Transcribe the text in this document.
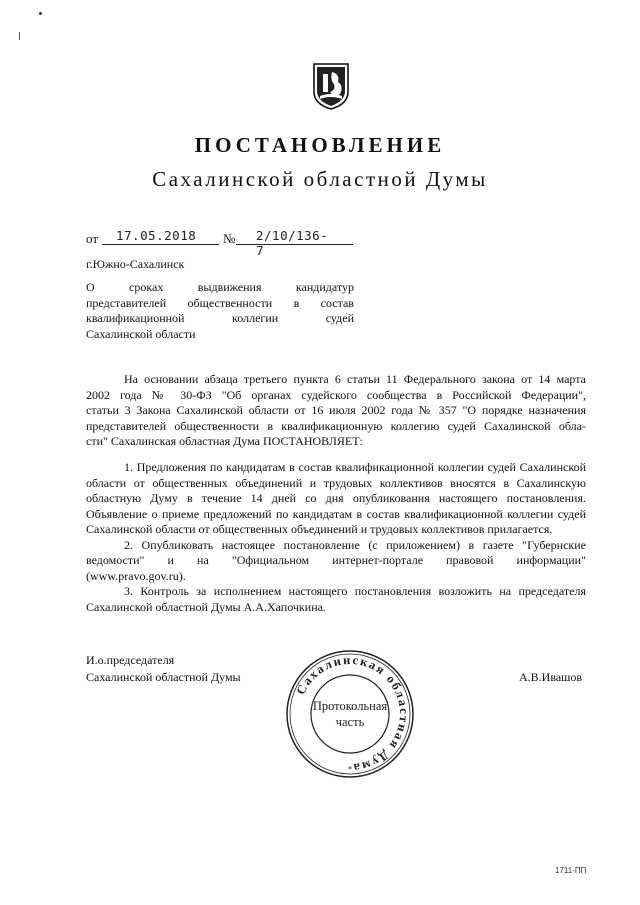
ПОСТАНОВЛЕНИЕ
Сахалинской областной Думы
от 17.05.2018 № 2/10/136-7
г.Южно-Сахалинск
О	сроках	выдвижения	кандидатур
представителей общественности в состав
квалификационной	коллегии	судей
Сахалинской области
На основании абзаца третьего пункта 6 статьи 11 Федерального закона от 14 марта
2002 года № 30-ФЗ "Об органах судейского сообщества в Российской Федерации",
статьи 3 Закона Сахалинской области от 16 июля 2002 года № 357 "О порядке назначения
представителей общественности в квалификационную коллегию судей Сахалинской обла-
сти" Сахалинская областная Дума ПОСТАНОВЛЯЕТ:

1. Предложения по кандидатам в состав квалификационной коллегии судей Сахалинской области от общественных объединений и трудовых коллективов вносятся в Сахалинскую областную Думу в течение 14 дней со дня опубликования настоящего постановления. Объявление о приеме предложений по кандидатам в состав квалификационной коллегии судей Сахалинской области от общественных объединений и трудовых коллективов прилагается.

2. Опубликовать настоящее постановление (с приложением) в газете "Губернские
ведомости" и на "Официальном интернет-портале правовой информации"
(www.pravo.gov.ru).

3. Контроль за исполнением настоящего постановления возложить на председателя Сахалинской областной Думы А.А.Хапочкина.

И.о.председателя
Сахалинской областной Думы	А.В.Ивашов
Сахалинская областная Дума
Протокольная
часть
*
1711-ПП
